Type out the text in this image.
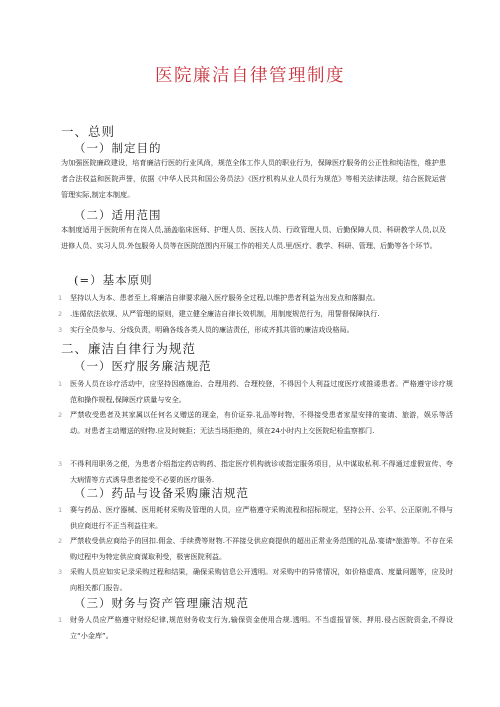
医院廉洁自律管理制度
一、总则
（一）制定目的

为加强医院廉政建设，培育廉洁行医的行业风尚，规范全体工作人员的职业行为，保障医疗服务的公正性和纯洁性，维护患者合法权益和医院声誉，依据《中华人民共和国公务员法》《医疗机构从业人员行为规范》等相关法律法规，结合医院运营管理实际,制定本制度。

（二）适用范围

本制度适用于医院所有在岗人员,涵盖临床医师、护理人员、医技人员、行政管理人员、后勤保障人员、科研教学人员,以及进修人员、实习人员.外包服务人员等在医院范围内开展工作的相关人员.里/医疗、教学、科研、管理、后勤等各个环节。

(=）基本原则
1	坚持以人为本、患者至上,将廉洁自律要求融入医疗服务全过程,以维护患者利益为出发点和落脚点。
2	.连循依法依规、从严管理的原则，建立健全廉洁自律长效机制，用制度规范行为，用誓督保障执行.
3	实行全员参与、分线负责，明确各线各类人员的廉洁责任，形成齐抓共管的廉洁戏设格局。
二、廉洁自律行为规范
（一）医疗服务廉洁规范
1	医务人员在诊疗活动中，应坚持因癌施治、合理用药、合理校登，不得因个人利益过度医疗或推诿患者。严格遵守诊疗规范和操作规程,保障医疗质量与安全。
2	严禁收受患者及其家属以任何名义赠送的现金，有价证券.礼品等时物，不得接受患者家屋安排的宴请、旅游，娱乐等活动。对患者主动赠送的财物.应及时婉拒；无法当场拒绝的，须在24小时内上交医院纪检监察都门.
3	不得利用职务之便，为患者介绍指定药店购药、指定医疗机构就诊或指定服务项目，从中谋取私利.不得通过虚假宣传、夸大病情等方式诱导患者接受不必要的医疗服务.
（二）药品与设备采购廉洁规范
1	赛与药品、医疗器械、医用耗材采购及管理的人员，应严格遵守采购流程和招标规定，坚持公开、公平、公正原则,不得与供应商进行不正当利益往来。
2	严禁收受供应商给予的回扣.佣金、手续费等财物.不祥接殳供应商提供的超出正常业务范围的礼品.宴请*旅游等。不存在采购过程中为特定供应商谋取利受，极害医院利益。
3	采购人员应如实记录采购过程和结果，确保采购信息公开透明。对采购中的异常情况，如价格虚高、度量问题等，应及时向相关都门报告。
（三）财务与资产管理廉洁规范
1	财务人员应严格遵守财经纪律,规范财务收支行为,输保资金使用合规.透明。不当虚报冒领、押用.侵占医院资金,不得设立“小金库”。
